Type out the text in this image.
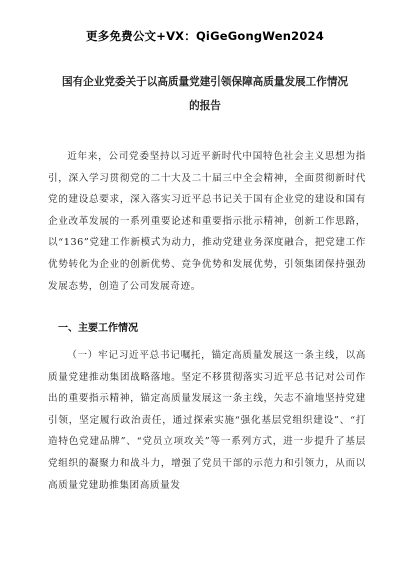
更多免费公文+VX：QiGeGongWen2024
国有企业党委关于以高质量党建引领保障高质量发展工作情况的报告
近年来，公司党委坚持以习近平新时代中国特色社会主义思想为指引，深入学习贯彻党的二十大及二十届三中全会精神，全面贯彻新时代党的建设总要求，深入落实习近平总书记关于国有企业党的建设和国有企业改革发展的一系列重要论述和重要指示批示精神，创新工作思路，以“136”党建工作新模式为动力，推动党建业务深度融合，把党建工作优势转化为企业的创新优势、竞争优势和发展优势，引领集团保持强劲发展态势，创造了公司发展奇迹。
一、主要工作情况
（一）牢记习近平总书记嘱托，锚定高质量发展这一条主线，以高质量党建推动集团战略落地。坚定不移贯彻落实习近平总书记对公司作出的重要指示精神，锚定高质量发展这一条主线，矢志不渝地坚持党建引领，坚定履行政治责任，通过探索实施“强化基层党组织建设”、“打造特色党建品牌”、“党员立项攻关”等一系列方式，进一步提升了基层党组织的凝聚力和战斗力，增强了党员干部的示范力和引领力，从而以高质量党建助推集团高质量发
